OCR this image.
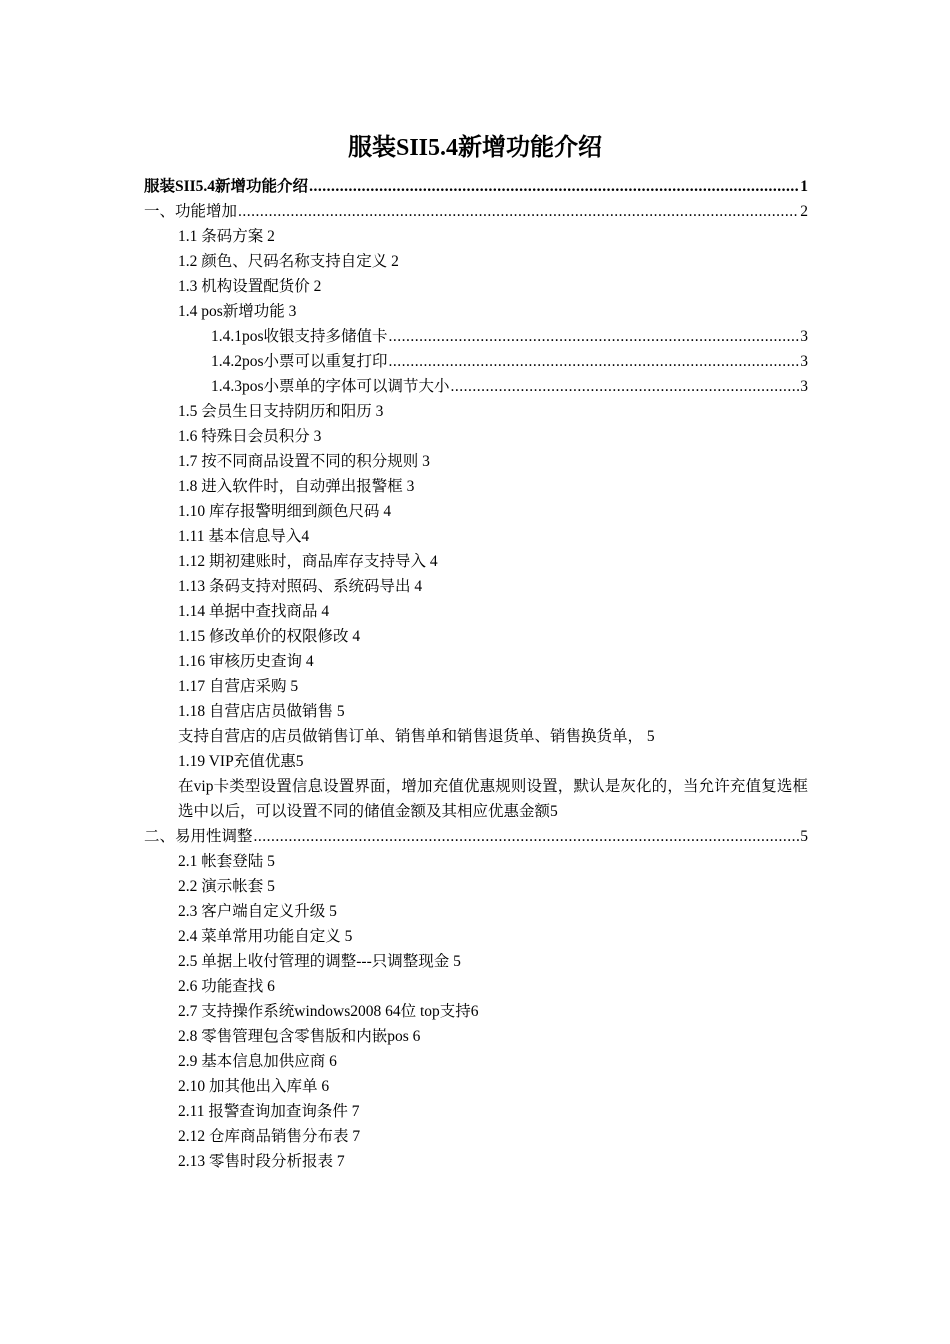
服装SII5.4新增功能介绍
服装SII5.4新增功能介绍 .....	1
一、功能增加 .....	2
1.1 条码方案 2
1.2 颜色、尺码名称支持自定义 2
1.3 机构设置配货价 2
1.4 pos新增功能 3
1.4.1pos收银支持多储值卡 .....	3
1.4.2pos小票可以重复打印 .....	3
1.4.3pos小票单的字体可以调节大小 .....	3
1.5 会员生日支持阴历和阳历 3
1.6 特殊日会员积分 3
1.7 按不同商品设置不同的积分规则 3
1.8 进入软件时，自动弹出报警框 3
1.10 库存报警明细到颜色尺码 4
1.11 基本信息导入4
1.12 期初建账时，商品库存支持导入 4
1.13 条码支持对照码、系统码导出 4
1.14 单据中查找商品 4
1.15 修改单价的权限修改 4
1.16 审核历史查询 4
1.17 自营店采购 5
1.18 自营店店员做销售 5
支持自营店的店员做销售订单、销售单和销售退货单、销售换货单， 5
1.19 VIP充值优惠5
在vip卡类型设置信息设置界面，增加充值优惠规则设置，默认是灰化的，当允许充值复选框选中以后，可以设置不同的储值金额及其相应优惠金额5
二、易用性调整 .....	5
2.1 帐套登陆 5
2.2 演示帐套 5
2.3 客户端自定义升级 5
2.4 菜单常用功能自定义 5
2.5 单据上收付管理的调整---只调整现金 5
2.6 功能查找 6
2.7 支持操作系统windows2008 64位 top支持6
2.8 零售管理包含零售版和内嵌pos 6
2.9 基本信息加供应商 6
2.10 加其他出入库单 6
2.11 报警查询加查询条件 7
2.12 仓库商品销售分布表 7
2.13 零售时段分析报表 7
